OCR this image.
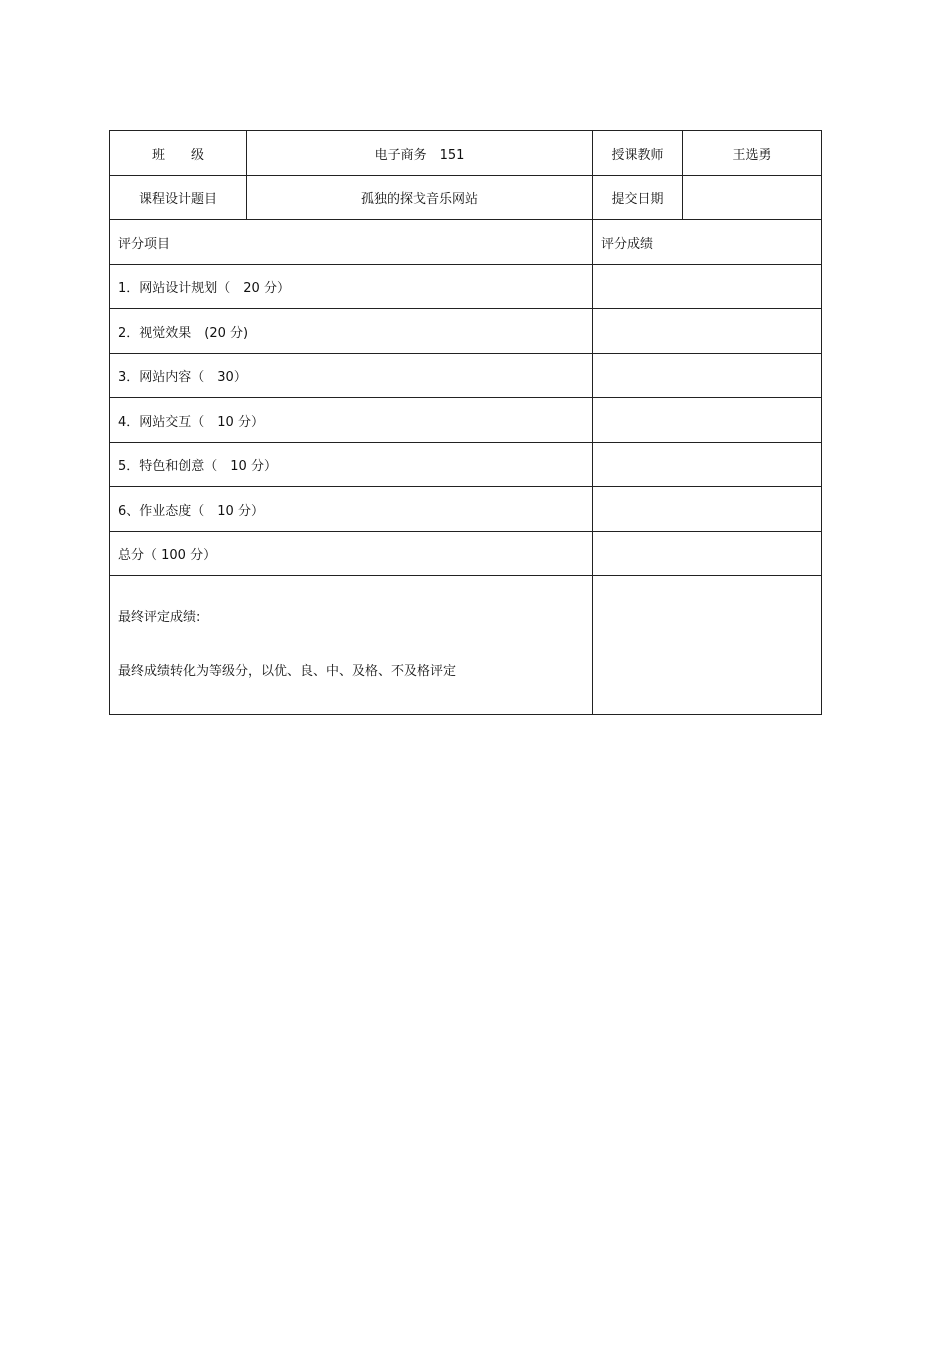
班　　级	电子商务　151	授课教师	王选勇
课程设计题目	孤独的探戈音乐网站	提交日期	
评分项目		评分成绩	
1．网站设计规划（　20 分）			
2．视觉效果　(20 分)			
3．网站内容（　30）			
4．网站交互（　10 分）			
5．特色和创意（　10 分）			
6、作业态度（　10 分）			
总分（ 100 分）			

最终评定成绩:

最终成绩转化为等级分，以优、良、中、及格、不及格评定			
